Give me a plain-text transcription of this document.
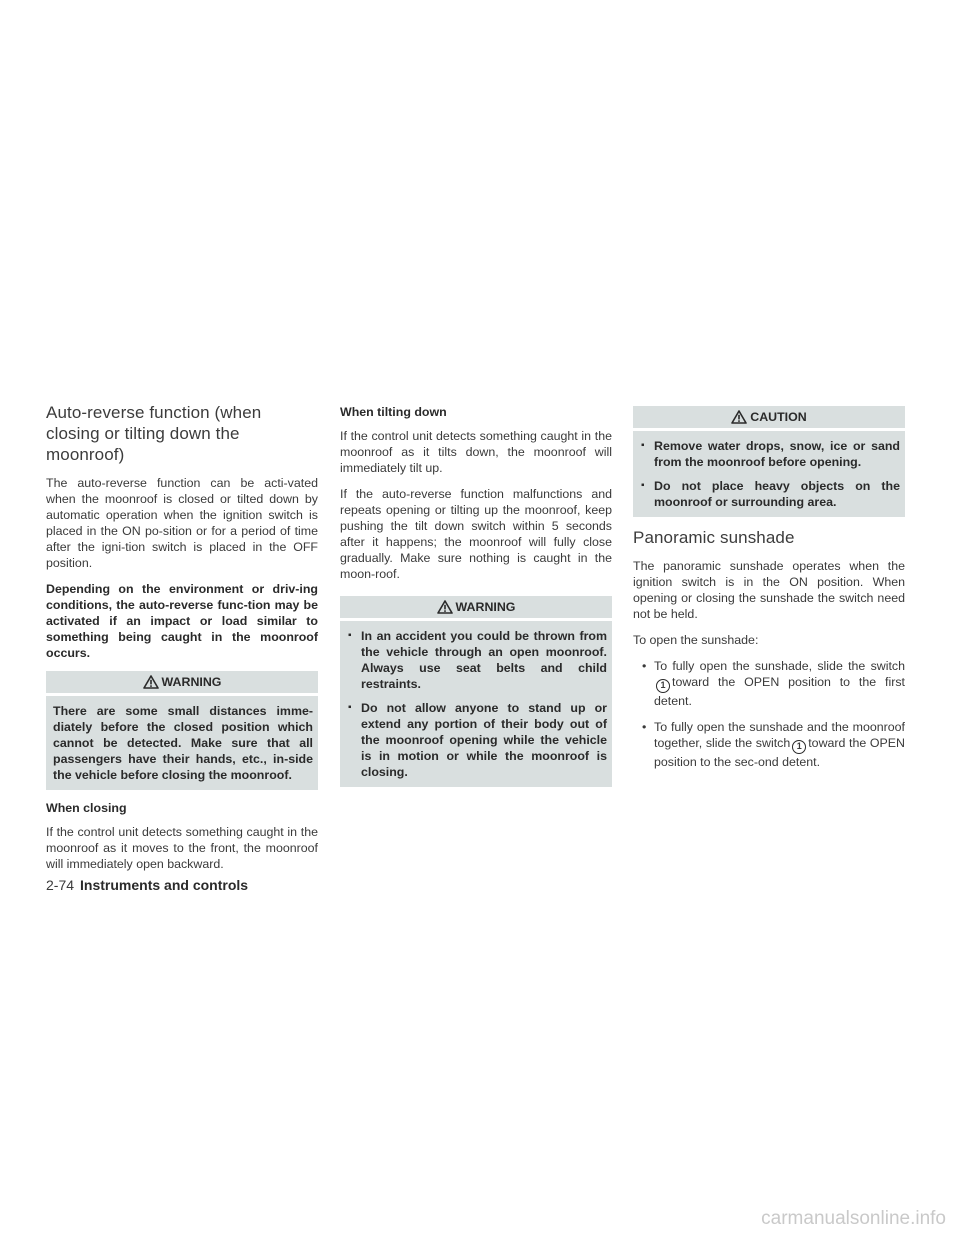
Auto-reverse function (when closing or tilting down the moonroof)

The auto-reverse function can be acti-vated when the moonroof is closed or tilted down by automatic operation when the ignition switch is placed in the ON po-sition or for a period of time after the igni-tion switch is placed in the OFF position.

Depending on the environment or driv-ing conditions, the auto-reverse func-tion may be activated if an impact or load similar to something being caught in the moonroof occurs.

WARNING
There are some small distances imme-diately before the closed position which cannot be detected. Make sure that all passengers have their hands, etc., in-side the vehicle before closing the moonroof.
When closing

If the control unit detects something caught in the moonroof as it moves to the front, the moonroof will immediately open backward.

When tilting down

If the control unit detects something caught in the moonroof as it tilts down, the moonroof will immediately tilt up.

If the auto-reverse function malfunctions and repeats opening or tilting up the moonroof, keep pushing the tilt down switch within 5 seconds after it happens; the moonroof will fully close gradually. Make sure nothing is caught in the moon-roof.

WARNING
▪ In an accident you could be thrown from the vehicle through an open moonroof. Always use seat belts and child restraints.
▪ Do not allow anyone to stand up or extend any portion of their body out of the moonroof opening while the vehicle is in motion or while the moonroof is closing.
CAUTION
▪ Remove water drops, snow, ice or sand from the moonroof before opening.
▪ Do not place heavy objects on the moonroof or surrounding area.
Panoramic sunshade

The panoramic sunshade operates when the ignition switch is in the ON position. When opening or closing the sunshade the switch need not be held.

To open the sunshade:

• To fully open the sunshade, slide the switch1 toward the OPEN position to the first detent.
• To fully open the sunshade and the moonroof together, slide the switch 1 toward the OPEN position to the sec-ond detent.
2-74 Instruments and controls
carmanualsonline.info
